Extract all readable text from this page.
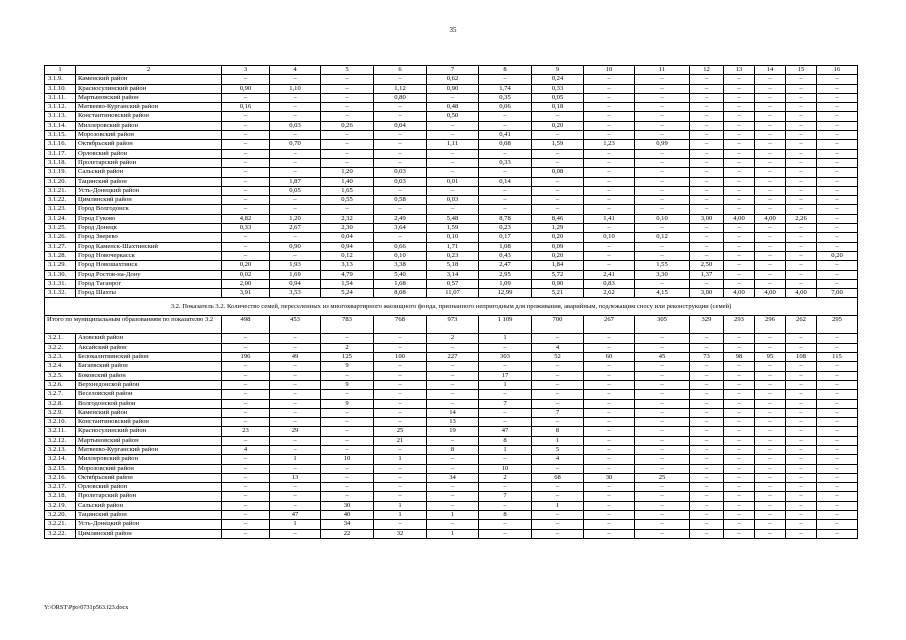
35
1	2	3	4	5	6	7	8	9	10	11	12	13	14	15	16
3.1.9.	Каменский район	–	–	–	–	0,62	–	0,24	–	–	–	–	–	–	–
3.1.10.	Красносулинский район	0,90	1,10	–	1,12	0,90	1,74	0,33	–	–	–	–	–	–	–
3.1.11.	Мартыновский район	–	–	–	0,80	–	0,35	0,05	–	–	–	–	–	–	–
3.1.12.	Матвеево-Курганский район	0,16	–	–	–	0,48	0,06	0,18	–	–	–	–	–	–	–
3.1.13.	Константиновский район	–	–	–	–	0,50	–	–	–	–	–	–	–	–	–
3.1.14.	Миллеровский район	–	0,03	0,26	0,04	–	–	0,20	–	–	–	–	–	–	–
3.1.15.	Морозовский район	–	–	–	–	–	0,41	–	–	–	–	–	–	–	–
3.1.16.	Октябрьский район	–	0,70	–	–	1,11	0,08	1,59	1,23	0,99	–	–	–	–	–
3.1.17.	Орловский район	–	–	–	–	–	–	–	–	–	–	–	–	–	–
3.1.18.	Пролетарский район	–	–	–	–	–	0,33	–	–	–	–	–	–	–	–
3.1.19.	Сальский район	–	–	1,20	0,03	–	–	0,08	–	–	–	–	–	–	–
3.1.20.	Тацинский район	–	1,87	1,40	0,03	0,01	0,14	–	–	–	–	–	–	–	–
3.1.21.	Усть-Донецкий район	–	0,05	1,65	–	–	–	–	–	–	–	–	–	–	–
3.1.22.	Цимлянский район	–	–	0,55	0,58	0,03	–	–	–	–	–	–	–	–	–
3.1.23.	Город Волгодонск	–	–	–	–	–	–	–	–	–	–	–	–	–	–
3.1.24.	Город Гуково	4,82	1,20	2,32	2,49	5,48	8,78	8,46	1,41	0,10	3,00	4,00	4,00	2,26	–
3.1.25.	Город Донецк	0,33	2,67	2,30	3,64	1,59	0,23	1,29	–	–	–	–	–	–	–
3.1.26.	Город Зверево	–	–	0,04	–	0,10	0,17	0,20	0,10	0,12	–	–	–	–	–
3.1.27.	Город Каменск-Шахтинский	–	0,90	0,94	0,66	1,71	1,08	0,09	–	–	–	–	–	–	–
3.1.28.	Город Новочеркасск	–	–	0,12	0,10	0,23	0,43	0,20	–	–	–	–	–	–	0,20
3.1.29.	Город Новошахтинск	0,20	1,93	3,13	3,38	5,18	2,47	1,84	–	1,55	2,50	–	–	–	–
3.1.30.	Город Ростов-на-Дону	0,02	1,69	4,79	5,40	3,14	2,95	5,72	2,41	3,30	1,37	–	–	–	–
3.1.31.	Город Таганрог	2,00	0,94	1,54	1,68	0,57	1,09	0,90	0,83	–	–	–	–	–	–
3.1.32.	Город Шахты	3,91	3,53	5,24	8,08	11,07	12,99	5,21	2,62	4,15	3,00	4,00	4,00	4,00	7,00
3.2. Показатель 3.2. Количество семей, переселенных из многоквартирного жилищного фонда, признанного непригодным для проживания, аварийным, подлежащим сносу или реконструкции (семей)															
Итого по муниципальным образованиям по показателю 3.2		498	453	783	768	973	1 109	700	267	305	329	293	296	262	295
3.2.1.	Азовский район	–	–	–	–	2	1	–	–	–	–	–	–	–	–
3.2.2.	Аксайский район	–	–	2	–	–	–	4	–	–	–	–	–	–	–
3.2.3.	Белокалитвинский район	196	49	125	100	227	303	52	60	45	73	98	95	108	115
3.2.4.	Багаевский район	–	–	9	–	–	–	–	–	–	–	–	–	–	–
3.2.5.	Боковский район	–	–	–	–	–	17	–	–	–	–	–	–	–	–
3.2.6.	Верхнедонской район	–	–	9	–	–	1	–	–	–	–	–	–	–	–
3.2.7.	Веселовский район	–	–	–	–	–	–	–	–	–	–	–	–	–	–
3.2.8.	Волгодонской район	–	–	9	–	–	7	–	–	–	–	–	–	–	–
3.2.9.	Каменский район	–	–	–	–	14	–	7	–	–	–	–	–	–	–
3.2.10.	Константиновский район	–	–	–	–	13	–	–	–	–	–	–	–	–	–
3.2.11.	Красносулинский район	23	29	–	25	19	47	8	–	–	–	–	–	–	–
3.2.12.	Мартыновский район	–	–	–	21	–	8	1	–	–	–	–	–	–	–
3.2.13.	Матвеево-Курганский район	4	–	–	–	8	1	5	–	–	–	–	–	–	–
3.2.14.	Миллеровский район	–	1	10	1	–	–	4	–	–	–	–	–	–	–
3.2.15.	Морозовский район	–	–	–	–	–	10	–	–	–	–	–	–	–	–
3.2.16.	Октябрьский район	–	13	–	–	34	2	68	30	25	–	–	–	–	–
3.2.17.	Орловский район	–	–	–	–	–	–	–	–	–	–	–	–	–	–
3.2.18.	Пролетарский район	–	–	–	–	–	7	–	–	–	–	–	–	–	–
3.2.19.	Сальский район	–	–	30	1	–	–	1	–	–	–	–	–	–	–
3.2.20.	Тацинский район	–	47	40	1	1	8	–	–	–	–	–	–	–	–
3.2.21.	Усть-Донецкий район	–	1	34	–	–	–	–	–	–	–	–	–	–	–
3.2.22.	Цимлянский район	–	–	22	32	1	–	–	–	–	–	–	–	–	–
Y:\ORST\Ppo\0731p563.f23.docx
